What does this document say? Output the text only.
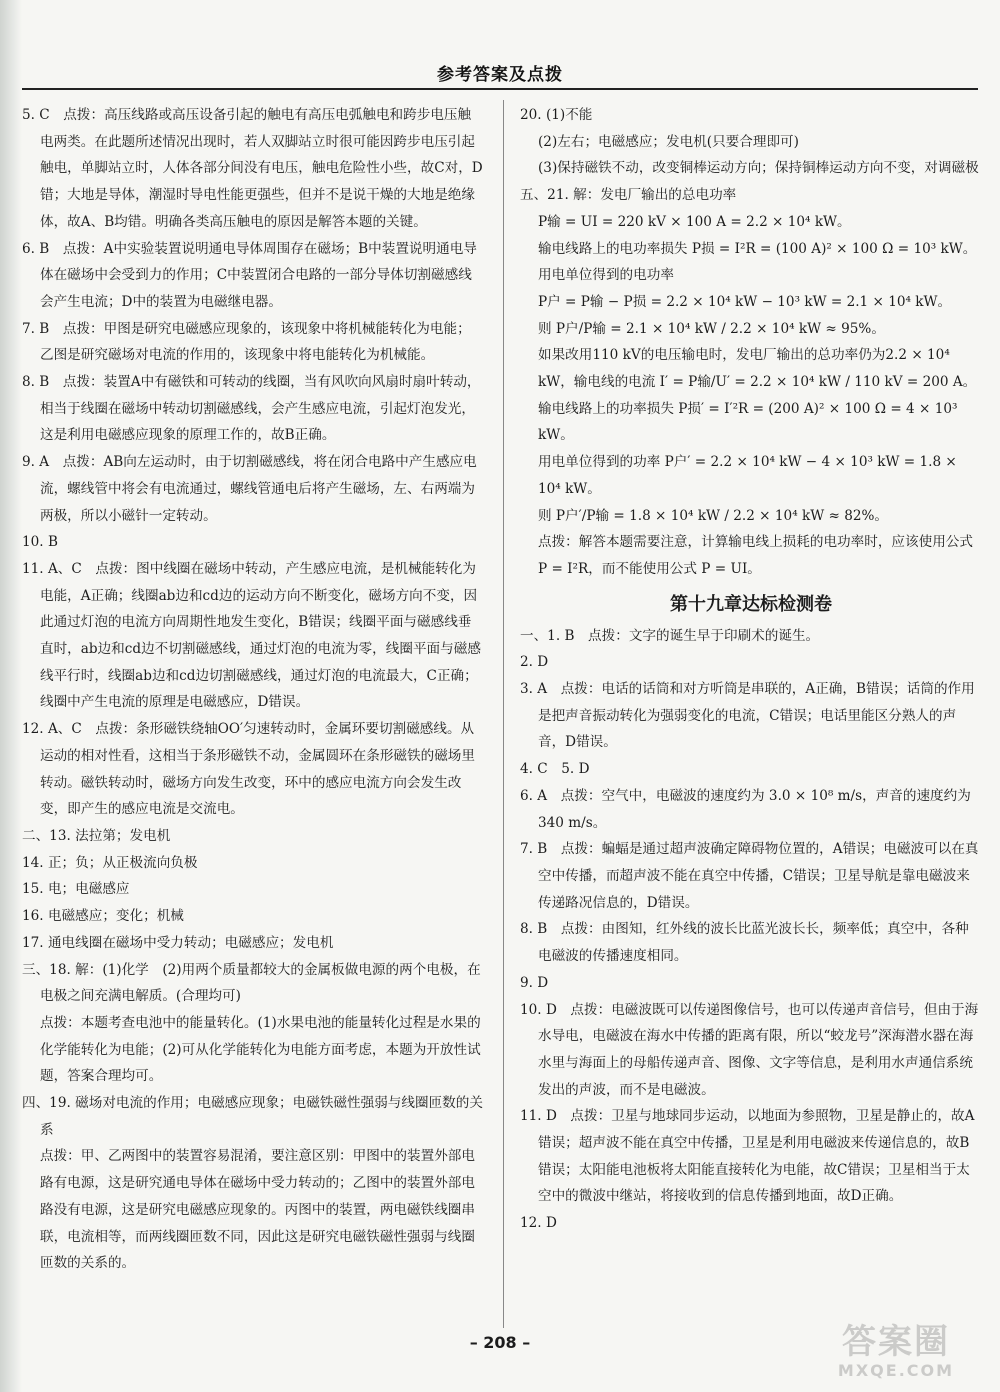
参考答案及点拨

5. C　点拨：高压线路或高压设备引起的触电有高压电弧触电和跨步电压触电两类。在此题所述情况出现时，若人双脚站立时很可能因跨步电压引起触电，单脚站立时，人体各部分间没有电压，触电危险性小些，故C对，D错；大地是导体，潮湿时导电性能更强些，但并不是说干燥的大地是绝缘体，故A、B均错。明确各类高压触电的原因是解答本题的关键。

6. B　点拨：A中实验装置说明通电导体周围存在磁场；B中装置说明通电导体在磁场中会受到力的作用；C中装置闭合电路的一部分导体切割磁感线会产生电流；D中的装置为电磁继电器。

7. B　点拨：甲图是研究电磁感应现象的，该现象中将机械能转化为电能；乙图是研究磁场对电流的作用的，该现象中将电能转化为机械能。

8. B　点拨：装置A中有磁铁和可转动的线圈，当有风吹向风扇时扇叶转动，相当于线圈在磁场中转动切割磁感线，会产生感应电流，引起灯泡发光，这是利用电磁感应现象的原理工作的，故B正确。

9. A　点拨：AB向左运动时，由于切割磁感线，将在闭合电路中产生感应电流，螺线管中将会有电流通过，螺线管通电后将产生磁场，左、右两端为两极，所以小磁针一定转动。

10. B

11. A、C　点拨：图中线圈在磁场中转动，产生感应电流，是机械能转化为电能，A正确；线圈ab边和cd边的运动方向不断变化，磁场方向不变，因此通过灯泡的电流方向周期性地发生变化，B错误；线圈平面与磁感线垂直时，ab边和cd边不切割磁感线，通过灯泡的电流为零，线圈平面与磁感线平行时，线圈ab边和cd边切割磁感线，通过灯泡的电流最大，C正确；线圈中产生电流的原理是电磁感应，D错误。

12. A、C　点拨：条形磁铁绕轴OO′匀速转动时，金属环要切割磁感线。从运动的相对性看，这相当于条形磁铁不动，金属圆环在条形磁铁的磁场里转动。磁铁转动时，磁场方向发生改变，环中的感应电流方向会发生改变，即产生的感应电流是交流电。

二、13. 法拉第；发电机

14. 正；负；从正极流向负极

15. 电；电磁感应

16. 电磁感应；变化；机械

17. 通电线圈在磁场中受力转动；电磁感应；发电机

三、18. 解：(1)化学　(2)用两个质量都较大的金属板做电源的两个电极，在电极之间充满电解质。(合理均可)

点拨：本题考查电池中的能量转化。(1)水果电池的能量转化过程是水果的化学能转化为电能；(2)可从化学能转化为电能方面考虑，本题为开放性试题，答案合理均可。

四、19. 磁场对电流的作用；电磁感应现象；电磁铁磁性强弱与线圈匝数的关系

点拨：甲、乙两图中的装置容易混淆，要注意区别：甲图中的装置外部电路有电源，这是研究通电导体在磁场中受力转动的；乙图中的装置外部电路没有电源，这是研究电磁感应现象的。丙图中的装置，两电磁铁线圈串联，电流相等，而两线圈匝数不同，因此这是研究电磁铁磁性强弱与线圈匝数的关系的。

20. (1)不能

(2)左右；电磁感应；发电机(只要合理即可)

(3)保持磁铁不动，改变铜棒运动方向；保持铜棒运动方向不变，对调磁极

五、21. 解：发电厂输出的总电功率

P输 = UI = 220 kV × 100 A = 2.2 × 10⁴ kW。

输电线路上的电功率损失 P损 = I²R = (100 A)² × 100 Ω = 10³ kW。

用电单位得到的电功率

P户 = P输 − P损 = 2.2 × 10⁴ kW − 10³ kW = 2.1 × 10⁴ kW。

则 P户/P输 = 2.1 × 10⁴ kW / 2.2 × 10⁴ kW ≈ 95%。

如果改用110 kV的电压输电时，发电厂输出的总功率仍为2.2 × 10⁴ kW，输电线的电流 I′ = P输/U′ = 2.2 × 10⁴ kW / 110 kV = 200 A。

输电线路上的功率损失 P损′ = I′²R = (200 A)² × 100 Ω = 4 × 10³ kW。

用电单位得到的功率 P户′ = 2.2 × 10⁴ kW − 4 × 10³ kW = 1.8 × 10⁴ kW。

则 P户′/P输 = 1.8 × 10⁴ kW / 2.2 × 10⁴ kW ≈ 82%。

点拨：解答本题需要注意，计算输电线上损耗的电功率时，应该使用公式 P = I²R，而不能使用公式 P = UI。

第十九章达标检测卷

一、1. B　点拨：文字的诞生早于印刷术的诞生。

2. D

3. A　点拨：电话的话筒和对方听筒是串联的，A正确，B错误；话筒的作用是把声音振动转化为强弱变化的电流，C错误；电话里能区分熟人的声音，D错误。

4. C　5. D

6. A　点拨：空气中，电磁波的速度约为 3.0 × 10⁸ m/s，声音的速度约为 340 m/s。

7. B　点拨：蝙蝠是通过超声波确定障碍物位置的，A错误；电磁波可以在真空中传播，而超声波不能在真空中传播，C错误；卫星导航是靠电磁波来传递路况信息的，D错误。

8. B　点拨：由图知，红外线的波长比蓝光波长长，频率低；真空中，各种电磁波的传播速度相同。

9. D

10. D　点拨：电磁波既可以传递图像信号，也可以传递声音信号，但由于海水导电，电磁波在海水中传播的距离有限，所以“蛟龙号”深海潜水器在海水里与海面上的母船传递声音、图像、文字等信息，是利用水声通信系统发出的声波，而不是电磁波。

11. D　点拨：卫星与地球同步运动，以地面为参照物，卫星是静止的，故A错误；超声波不能在真空中传播，卫星是利用电磁波来传递信息的，故B错误；太阳能电池板将太阳能直接转化为电能，故C错误；卫星相当于太空中的微波中继站，将接收到的信息传播到地面，故D正确。

12. D

– 208 –	答案圈
MXQE.COM
